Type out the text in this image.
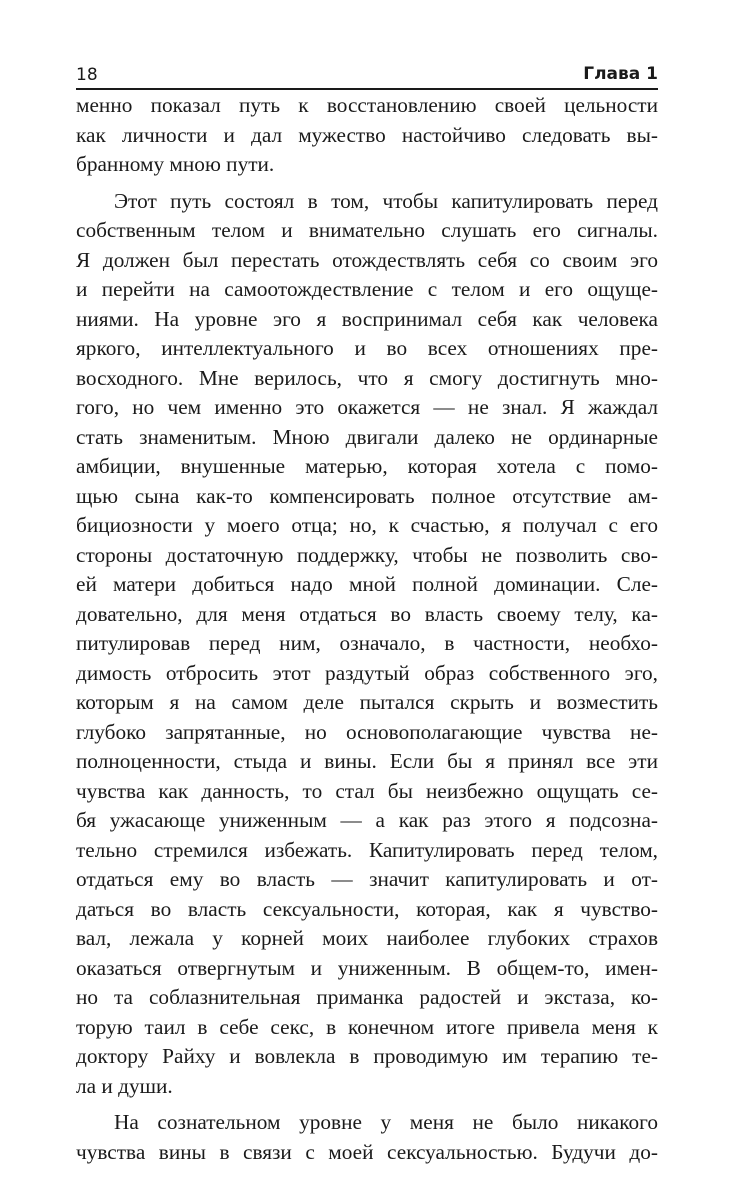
18	Глава 1
менно показал путь к восстановлению своей цельности
как личности и дал мужество настойчиво следовать вы-
бранному мною пути.
Этот путь состоял в том, чтобы капитулировать перед
собственным телом и внимательно слушать его сигналы.
Я должен был перестать отождествлять себя со своим эго
и перейти на самоотождествление с телом и его ощуще-
ниями. На уровне эго я воспринимал себя как человека
яркого, интеллектуального и во всех отношениях пре-
восходного. Мне верилось, что я смогу достигнуть мно-
гого, но чем именно это окажется — не знал. Я жаждал
стать знаменитым. Мною двигали далеко не ординарные
амбиции, внушенные матерью, которая хотела с помо-
щью сына как-то компенсировать полное отсутствие ам-
бициозности у моего отца; но, к счастью, я получал с его
стороны достаточную поддержку, чтобы не позволить сво-
ей матери добиться надо мной полной доминации. Сле-
довательно, для меня отдаться во власть своему телу, ка-
питулировав перед ним, означало, в частности, необхо-
димость отбросить этот раздутый образ собственного эго,
которым я на самом деле пытался скрыть и возместить
глубоко запрятанные, но основополагающие чувства не-
полноценности, стыда и вины. Если бы я принял все эти
чувства как данность, то стал бы неизбежно ощущать се-
бя ужасающе униженным — а как раз этого я подсозна-
тельно стремился избежать. Капитулировать перед телом,
отдаться ему во власть — значит капитулировать и от-
даться во власть сексуальности, которая, как я чувство-
вал, лежала у корней моих наиболее глубоких страхов
оказаться отвергнутым и униженным. В общем-то, имен-
но та соблазнительная приманка радостей и экстаза, ко-
торую таил в себе секс, в конечном итоге привела меня к
доктору Райху и вовлекла в проводимую им терапию те-
ла и души.
На сознательном уровне у меня не было никакого
чувства вины в связи с моей сексуальностью. Будучи до-
